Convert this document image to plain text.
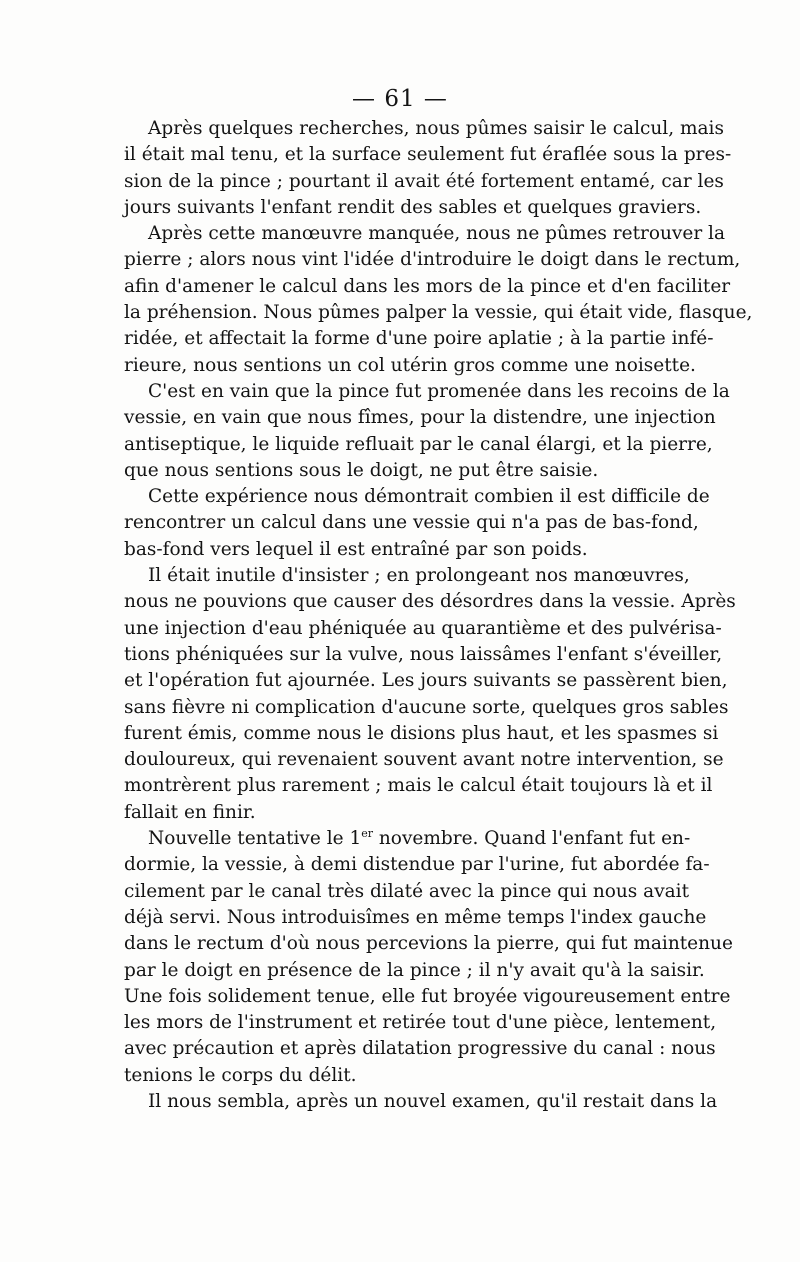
— 61 —
Après quelques recherches, nous pûmes saisir le calcul, mais
il était mal tenu, et la surface seulement fut éraflée sous la pres-
sion de la pince ; pourtant il avait été fortement entamé, car les
jours suivants l'enfant rendit des sables et quelques graviers.
Après cette manœuvre manquée, nous ne pûmes retrouver la
pierre ; alors nous vint l'idée d'introduire le doigt dans le rectum,
afin d'amener le calcul dans les mors de la pince et d'en faciliter
la préhension. Nous pûmes palper la vessie, qui était vide, flasque,
ridée, et affectait la forme d'une poire aplatie ; à la partie infé-
rieure, nous sentions un col utérin gros comme une noisette.
C'est en vain que la pince fut promenée dans les recoins de la
vessie, en vain que nous fîmes, pour la distendre, une injection
antiseptique, le liquide refluait par le canal élargi, et la pierre,
que nous sentions sous le doigt, ne put être saisie.
Cette expérience nous démontrait combien il est difficile de
rencontrer un calcul dans une vessie qui n'a pas de bas-fond,
bas-fond vers lequel il est entraîné par son poids.
Il était inutile d'insister ; en prolongeant nos manœuvres,
nous ne pouvions que causer des désordres dans la vessie. Après
une injection d'eau phéniquée au quarantième et des pulvérisa-
tions phéniquées sur la vulve, nous laissâmes l'enfant s'éveiller,
et l'opération fut ajournée. Les jours suivants se passèrent bien,
sans fièvre ni complication d'aucune sorte, quelques gros sables
furent émis, comme nous le disions plus haut, et les spasmes si
douloureux, qui revenaient souvent avant notre intervention, se
montrèrent plus rarement ; mais le calcul était toujours là et il
fallait en finir.
Nouvelle tentative le 1er novembre. Quand l'enfant fut en-
dormie, la vessie, à demi distendue par l'urine, fut abordée fa-
cilement par le canal très dilaté avec la pince qui nous avait
déjà servi. Nous introduisîmes en même temps l'index gauche
dans le rectum d'où nous percevions la pierre, qui fut maintenue
par le doigt en présence de la pince ; il n'y avait qu'à la saisir.
Une fois solidement tenue, elle fut broyée vigoureusement entre
les mors de l'instrument et retirée tout d'une pièce, lentement,
avec précaution et après dilatation progressive du canal : nous
tenions le corps du délit.
Il nous sembla, après un nouvel examen, qu'il restait dans la
